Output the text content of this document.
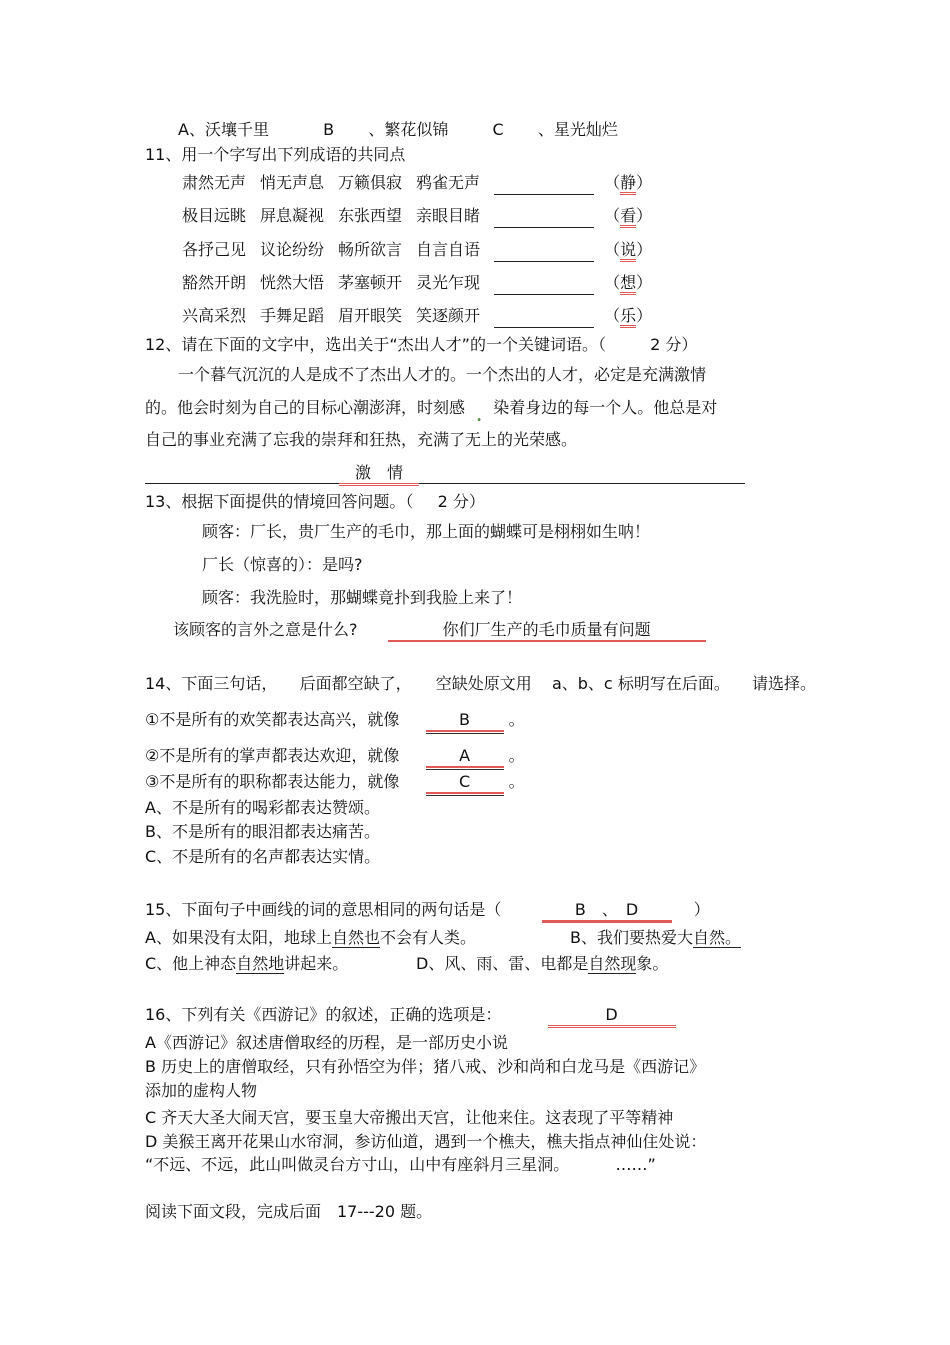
A、沃壤千里	B 、繁花似锦	C 、星光灿烂
11、用一个字写出下列成语的共同点
肃然无声 悄无声息 万籁俱寂 鸦雀无声	（静）
极目远眺 屏息凝视 东张西望 亲眼目睹	（看）
各抒己见 议论纷纷 畅所欲言 自言自语	（说）
豁然开朗 恍然大悟 茅塞顿开 灵光乍现	（想）
兴高采烈 手舞足蹈 眉开眼笑 笑逐颜开	（乐）
12、请在下面的文字中，选出关于“杰出人才”的一个关键词语。（	2 分）
一个暮气沉沉的人是成不了杰出人才的。一个杰出的人才，必定是充满激情
的。他会时刻为自己的目标心潮澎湃，时刻感
•
染着身边的每一个人。他总是对
自己的事业充满了忘我的崇拜和狂热，充满了无上的光荣感。
激　情
13、根据下面提供的情境回答问题。（ 2 分）
顾客：厂长，贵厂生产的毛巾，那上面的蝴蝶可是栩栩如生呐！
厂长（惊喜的）：是吗?
顾客：我洗脸时，那蝴蝶竟扑到我脸上来了！
该顾客的言外之意是什么?	你们厂生产的毛巾质量有问题
14、下面三句话， 后面都空缺了， 空缺处原文用 a、b、c 标明写在后面。 请选择。
①不是所有的欢笑都表达高兴，就像	B 。
②不是所有的掌声都表达欢迎，就像	A 。
③不是所有的职称都表达能力，就像	C 。
A、不是所有的喝彩都表达赞颂。
B、不是所有的眼泪都表达痛苦。
C、不是所有的名声都表达实情。
15、下面句子中画线的词的意思相同的两句话是（	B　、　D	）
A、如果没有太阳，地球上自然也不会有人类。	B、我们要热爱大自然。
C、他上神态自然地讲起来。	D、风、雨、雷、电都是自然现象。
16、下列有关《西游记》的叙述，正确的选项是：	D
A《西游记》叙述唐僧取经的历程，是一部历史小说
B 历史上的唐僧取经，只有孙悟空为伴；猪八戒、沙和尚和白龙马是《西游记》
添加的虚构人物
C 齐天大圣大闹天宫，要玉皇大帝搬出天宫，让他来住。这表现了平等精神
D 美猴王离开花果山水帘洞，参访仙道，遇到一个樵夫，樵夫指点神仙住处说：
“不远、不远，此山叫做灵台方寸山，山中有座斜月三星洞。	……”
阅读下面文段，完成后面　17---20 题。
